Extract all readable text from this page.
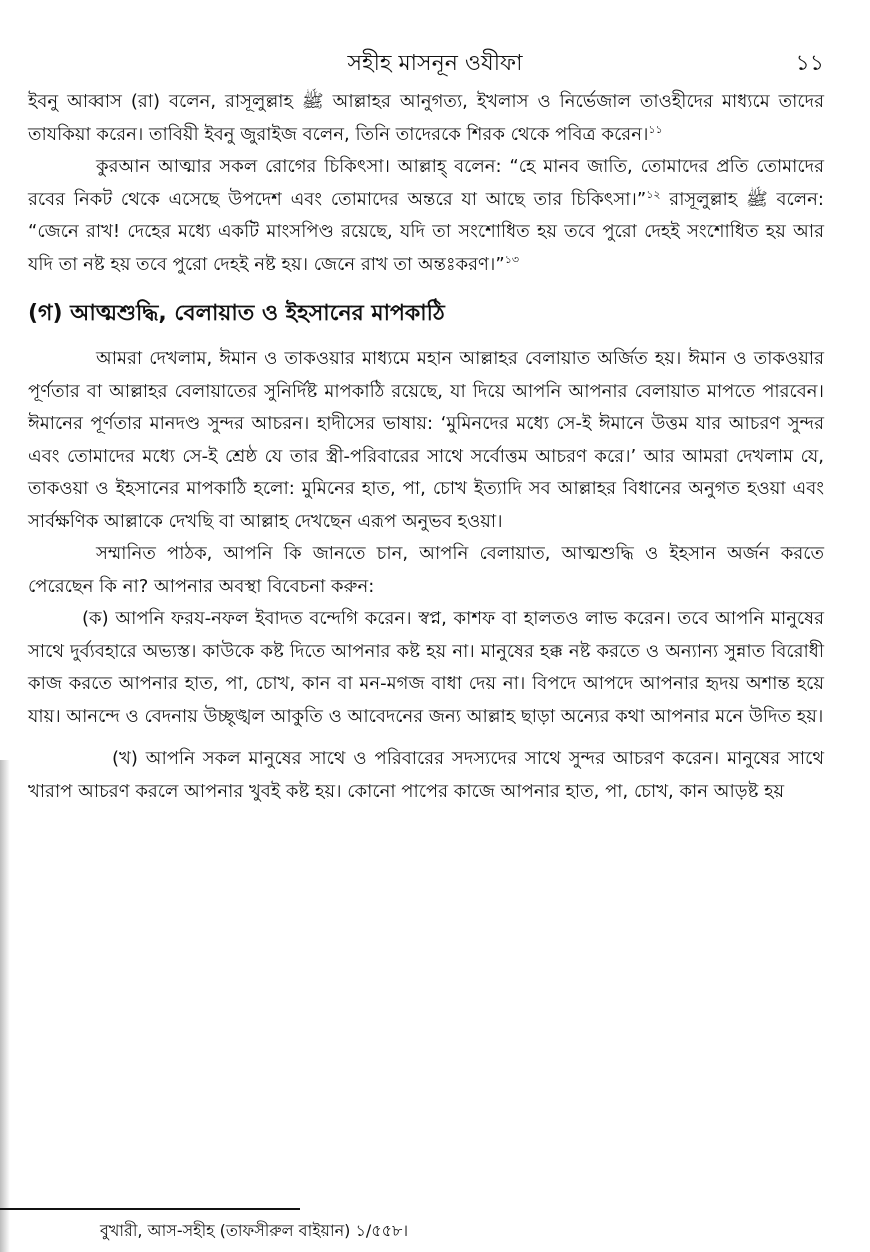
সহীহ মাসনূন ওযীফা	১১

ইবনু আব্বাস (রা) বলেন, রাসূলুল্লাহ ﷺ আল্লাহর আনুগত্য, ইখলাস ও নির্ভেজাল তাওহীদের মাধ্যমে তাদের তাযকিয়া করেন। তাবিয়ী ইবনু জুরাইজ বলেন, তিনি তাদেরকে শিরক থেকে পবিত্র করেন।$^{১১}$

কুরআন আত্মার সকল রোগের চিকিৎসা। আল্লাহ্ বলেন: “হে মানব জাতি, তোমাদের প্রতি তোমাদের রবের নিকট থেকে এসেছে উপদেশ এবং তোমাদের অন্তরে যা আছে তার চিকিৎসা।”$^{১২}$ রাসূলুল্লাহ ﷺ বলেন: “জেনে রাখ! দেহের মধ্যে একটি মাংসপিণ্ড রয়েছে, যদি তা সংশোধিত হয় তবে পুরো দেহই সংশোধিত হয় আর যদি তা নষ্ট হয় তবে পুরো দেহই নষ্ট হয়। জেনে রাখ তা অন্তঃকরণ।”$^{১৩}$

(গ) আত্মশুদ্ধি, বেলায়াত ও ইহসানের মাপকাঠি

আমরা দেখলাম, ঈমান ও তাকওয়ার মাধ্যমে মহান আল্লাহর বেলায়াত অর্জিত হয়। ঈমান ও তাকওয়ার পূর্ণতার বা আল্লাহর বেলায়াতের সুনির্দিষ্ট মাপকাঠি রয়েছে, যা দিয়ে আপনি আপনার বেলায়াত মাপতে পারবেন। ঈমানের পূর্ণতার মানদণ্ড সুন্দর আচরন। হাদীসের ভাষায়: ‘মুমিনদের মধ্যে সে-ই ঈমানে উত্তম যার আচরণ সুন্দর এবং তোমাদের মধ্যে সে-ই শ্রেষ্ঠ যে তার স্ত্রী-পরিবারের সাথে সর্বোত্তম আচরণ করে।’ আর আমরা দেখলাম যে, তাকওয়া ও ইহসানের মাপকাঠি হলো: মুমিনের হাত, পা, চোখ ইত্যাদি সব আল্লাহর বিধানের অনুগত হওয়া এবং সার্বক্ষণিক আল্লাকে দেখছি বা আল্লাহ দেখছেন এরূপ অনুভব হওয়া।

সম্মানিত পাঠক, আপনি কি জানতে চান, আপনি বেলায়াত, আত্মশুদ্ধি ও ইহসান অর্জন করতে পেরেছেন কি না? আপনার অবস্থা বিবেচনা করুন:

(ক) আপনি ফরয-নফল ইবাদত বন্দেগি করেন। স্বপ্ন, কাশফ বা হালতও লাভ করেন। তবে আপনি মানুষের সাথে দুর্ব্যবহারে অভ্যস্ত। কাউকে কষ্ট দিতে আপনার কষ্ট হয় না। মানুষের হক্ক নষ্ট করতে ও অন্যান্য সুন্নাত বিরোধী কাজ করতে আপনার হাত, পা, চোখ, কান বা মন-মগজ বাধা দেয় না। বিপদে আপদে আপনার হৃদয় অশান্ত হয়ে যায়। আনন্দে ও বেদনায় উচ্ছৃঙ্খল আকুতি ও আবেদনের জন্য আল্লাহ ছাড়া অন্যের কথা আপনার মনে উদিত হয়।

(খ) আপনি সকল মানুষের সাথে ও পরিবারের সদস্যদের সাথে সুন্দর আচরণ করেন। মানুষের সাথে খারাপ আচরণ করলে আপনার খুবই কষ্ট হয়। কোনো পাপের কাজে আপনার হাত, পা, চোখ, কান আড়ষ্ট হয়

বুখারী, আস-সহীহ (তাফসীরুল বাইয়ান) ১/৫৫৮।
